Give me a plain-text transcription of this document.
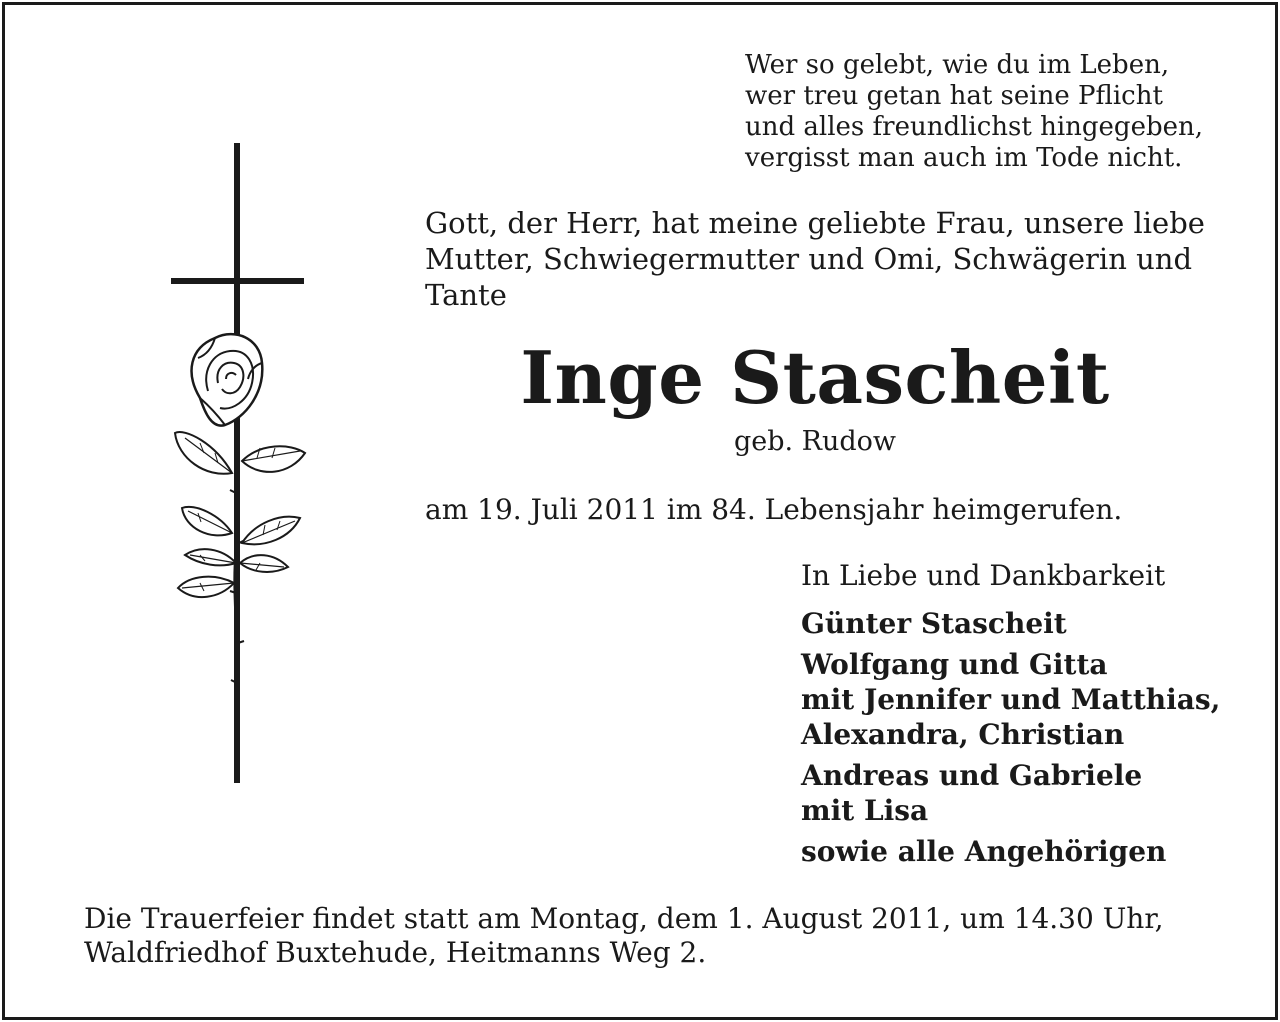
Wer so gelebt, wie du im Leben,
wer treu getan hat seine Pflicht
und alles freundlichst hingegeben,
vergisst man auch im Tode nicht.
Gott, der Herr, hat meine geliebte Frau, unsere liebe Mutter, Schwiegermutter und Omi, Schwägerin und Tante
Inge Stascheit
geb. Rudow
am 19. Juli 2011 im 84. Lebensjahr heimgerufen.
In Liebe und Dankbarkeit
Günter Stascheit
Wolfgang und Gitta
mit Jennifer und Matthias,
Alexandra, Christian
Andreas und Gabriele
mit Lisa
sowie alle Angehörigen
Die Trauerfeier findet statt am Montag, dem 1. August 2011, um 14.30 Uhr,
Waldfriedhof Buxtehude, Heitmanns Weg 2.
